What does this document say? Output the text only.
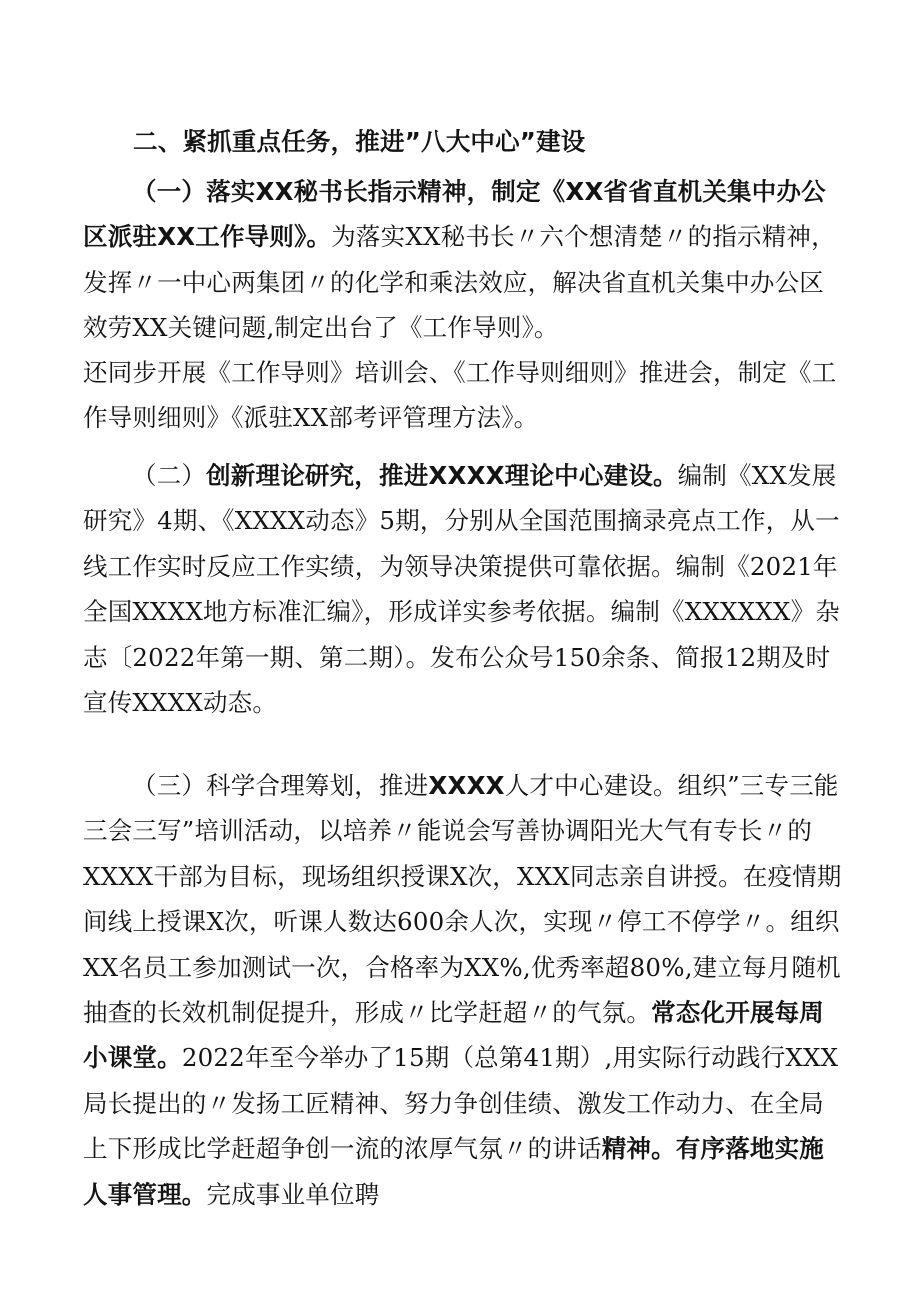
二、紧抓重点任务，推进”八大中心”建设

（一）落实XX秘书长指示精神，制定《XX省省直机关集中办公区派驻XX工作导则》。为落实XX秘书长〃六个想清楚〃的指示精神，发挥〃一中心两集团〃的化学和乘法效应，解决省直机关集中办公区效劳XX关键问题,制定出台了《工作导则》。

还同步开展《工作导则》培训会、《工作导则细则》推进会，制定《工作导则细则》《派驻XX部考评管理方法》。

（二）创新理论研究，推进XXXX理论中心建设。编制《XX发展研究》4期、《XXXX动态》5期，分别从全国范围摘录亮点工作，从一线工作实时反应工作实绩，为领导决策提供可靠依据。编制《2021年全国XXXX地方标准汇编》，形成详实参考依据。编制《XXXXXX》杂志〔2022年第一期、第二期）。发布公众号150余条、简报12期及时宣传XXXX动态。

（三）科学合理筹划，推进XXXX人才中心建设。组织”三专三能三会三写”培训活动，以培养〃能说会写善协调阳光大气有专长〃的XXXX干部为目标，现场组织授课X次，XXX同志亲自讲授。在疫情期间线上授课X次，听课人数达600余人次，实现〃停工不停学〃。组织XX名员工参加测试一次，合格率为XX%,优秀率超80%,建立每月随机抽查的长效机制促提升，形成〃比学赶超〃的气氛。常态化开展每周小课堂。2022年至今举办了15期（总第41期）,用实际行动践行XXX局长提出的〃发扬工匠精神、努力争创佳绩、激发工作动力、在全局上下形成比学赶超争创一流的浓厚气氛〃的讲话精神。有序落地实施人事管理。完成事业单位聘
